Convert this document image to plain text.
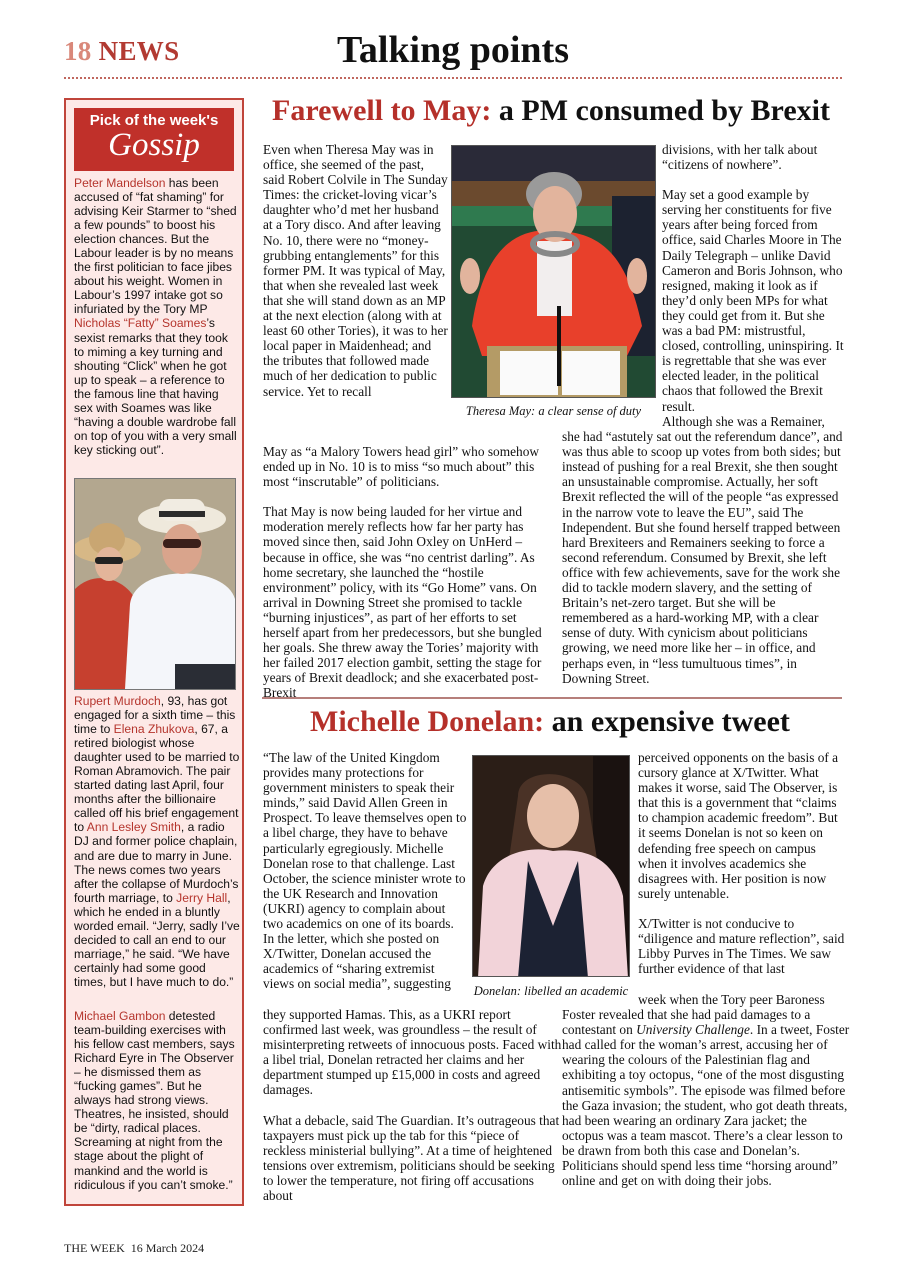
18 NEWS	Talking points
Pick of the week's
Gossip
Peter Mandelson has been accused of “fat shaming” for advising Keir Starmer to “shed a few pounds” to boost his election chances. But the Labour leader is by no means the first politician to face jibes about his weight. Women in Labour’s 1997 intake got so infuriated by the Tory MP Nicholas “Fatty” Soames’s sexist remarks that they took to miming a key turning and shouting “Click” when he got up to speak – a reference to the famous line that having sex with Soames was like “having a double wardrobe fall on top of you with a very small key sticking out”.
Rupert Murdoch, 93, has got engaged for a sixth time – this time to Elena Zhukova, 67, a retired biologist whose daughter used to be married to Roman Abramovich. The pair started dating last April, four months after the billionaire called off his brief engagement to Ann Lesley Smith, a radio DJ and former police chaplain, and are due to marry in June. The news comes two years after the collapse of Murdoch’s fourth marriage, to Jerry Hall, which he ended in a bluntly worded email. “Jerry, sadly I’ve decided to call an end to our marriage,” he said. “We have certainly had some good times, but I have much to do.”
Michael Gambon detested team-building exercises with his fellow cast members, says Richard Eyre in The Observer – he dismissed them as “fucking games”. But he always had strong views. Theatres, he insisted, should be “dirty, radical places. Screaming at night from the stage about the plight of mankind and the world is ridiculous if you can’t smoke.”
Farewell to May: a PM consumed by Brexit

Even when Theresa May was in office, she seemed of the past, said Robert Colvile in The Sunday Times: the cricket-loving vicar’s daughter who’d met her husband at a Tory disco. And after leaving No. 10, there were no “money-grubbing entanglements” for this former PM. It was typical of May, that when she revealed last week that she will stand down as an MP at the next election (along with at least 60 other Tories), it was to her local paper in Maidenhead; and the tributes that followed made much of her dedication to public service. Yet to recall

May as “a Malory Towers head girl” who somehow ended up in No. 10 is to miss “so much about” this most “inscrutable” of politicians.

That May is now being lauded for her virtue and moderation merely reflects how far her party has moved since then, said John Oxley on UnHerd – because in office, she was “no centrist darling”. As home secretary, she launched the “hostile environment” policy, with its “Go Home” vans. On arrival in Downing Street she promised to tackle “burning injustices”, as part of her efforts to set herself apart from her predecessors, but she bungled her goals. She threw away the Tories’ majority with her failed 2017 election gambit, setting the stage for years of Brexit deadlock; and she exacerbated post-Brexit

Theresa May: a clear sense of duty

divisions, with her talk about “citizens of nowhere”.

May set a good example by serving her constituents for five years after being forced from office, said Charles Moore in The Daily Telegraph – unlike David Cameron and Boris Johnson, who resigned, making it look as if they’d only been MPs for what they could get from it. But she was a bad PM: mistrustful, closed, controlling, uninspiring. It is regrettable that she was ever elected leader, in the political chaos that followed the Brexit result.

Although she was a Remainer,

she had “astutely sat out the referendum dance”, and was thus able to scoop up votes from both sides; but instead of pushing for a real Brexit, she then sought an unsustainable compromise. Actually, her soft Brexit reflected the will of the people “as expressed in the narrow vote to leave the EU”, said The Independent. But she found herself trapped between hard Brexiteers and Remainers seeking to force a second referendum. Consumed by Brexit, she left office with few achievements, save for the work she did to tackle modern slavery, and the setting of Britain’s net-zero target. But she will be remembered as a hard-working MP, with a clear sense of duty. With cynicism about politicians growing, we need more like her – in office, and perhaps even, in “less tumultuous times”, in Downing Street.

Michelle Donelan: an expensive tweet

“The law of the United Kingdom provides many protections for government ministers to speak their minds,” said David Allen Green in Prospect. To leave themselves open to a libel charge, they have to behave particularly egregiously. Michelle Donelan rose to that challenge. Last October, the science minister wrote to the UK Research and Innovation (UKRI) agency to complain about two academics on one of its boards. In the letter, which she posted on X/Twitter, Donelan accused the academics of “sharing extremist views on social media”, suggesting

they supported Hamas. This, as a UKRI report confirmed last week, was groundless – the result of misinterpreting retweets of innocuous posts. Faced with a libel trial, Donelan retracted her claims and her department stumped up £15,000 in costs and agreed damages.

What a debacle, said The Guardian. It’s outrageous that taxpayers must pick up the tab for this “piece of reckless ministerial bullying”. At a time of heightened tensions over extremism, politicians should be seeking to lower the temperature, not firing off accusations about

Donelan: libelled an academic

perceived opponents on the basis of a cursory glance at X/Twitter. What makes it worse, said The Observer, is that this is a government that “claims to champion academic freedom”. But it seems Donelan is not so keen on defending free speech on campus when it involves academics she disagrees with. Her position is now surely untenable.

X/Twitter is not conducive to “diligence and mature reflection”, said Libby Purves in The Times. We saw further evidence of that last

week when the Tory peer Baroness

Foster revealed that she had paid damages to a contestant on University Challenge. In a tweet, Foster had called for the woman’s arrest, accusing her of wearing the colours of the Palestinian flag and exhibiting a toy octopus, “one of the most disgusting antisemitic symbols”. The episode was filmed before the Gaza invasion; the student, who got death threats, had been wearing an ordinary Zara jacket; the octopus was a team mascot. There’s a clear lesson to be drawn from both this case and Donelan’s. Politicians should spend less time “horsing around” online and get on with doing their jobs.

THE WEEK 16 March 2024
